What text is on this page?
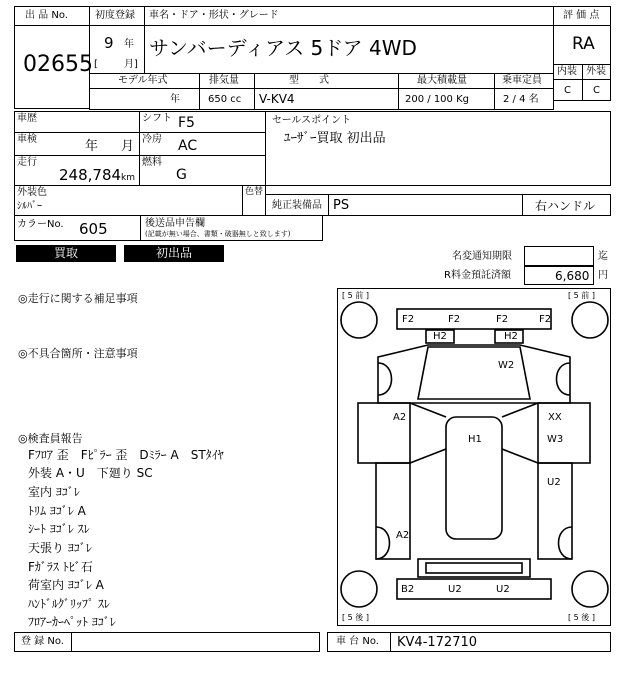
出 品 No.
02655
初度登録
9 年
[	月]
車名・ドア・形状・グレード
サンバーディアス 5ドア 4WD
評 価 点
RA
内装 外装
C C
モデル年式	排気量	型　　式	最大積載量	乗車定員
年	650 cc V-KV4	200 / 100 Kg	2 / 4 名
車歴	シフト F5
車検	年 月 冷房 AC
走行
248,784 km
燃料
G
セールスポイント
ﾕｰｻﾞｰ買取 初出品
外装色
ｼﾙﾊﾞｰ
色替
純正装備品 PS	右ハンドル
カラーNo. 605	後送品申告欄
(記載が無い場合、書類・破器無しと致します)
買取	初出品	名変通知期限	迄
R料金預託済額	6,680 円
◎走行に関する補足事項
◎不具合箇所・注意事項
◎検査員報告
Fﾌﾛｱ 歪　Fﾋﾟﾗｰ 歪　Dﾐﾗｰ A　STﾀｲﾔ
外装 A・U　下廻り SC
室内 ﾖｺﾞﾚ
ﾄﾘﾑ ﾖｺﾞﾚ A
ｼｰﾄ ﾖｺﾞﾚ ｽﾚ
天張り ﾖｺﾞﾚ
Fｶﾞﾗｽ ﾄﾋﾞ石
荷室内 ﾖｺﾞﾚ A
ﾊﾝﾄﾞﾙｸﾞﾘｯﾌﾟ ｽﾚ
ﾌﾛｱｰｶｰﾍﾟｯﾄ ﾖｺﾞﾚ
[ 5 前 ]	[ 5 前 ]
[ 5 後 ]	[ 5 後 ]
F2	F2	F2	F2
H2	H2
W2
A2	XX
H1	W3
U2
A2
B2	U2	U2
登 録 No.	車 台 No. KV4-172710
